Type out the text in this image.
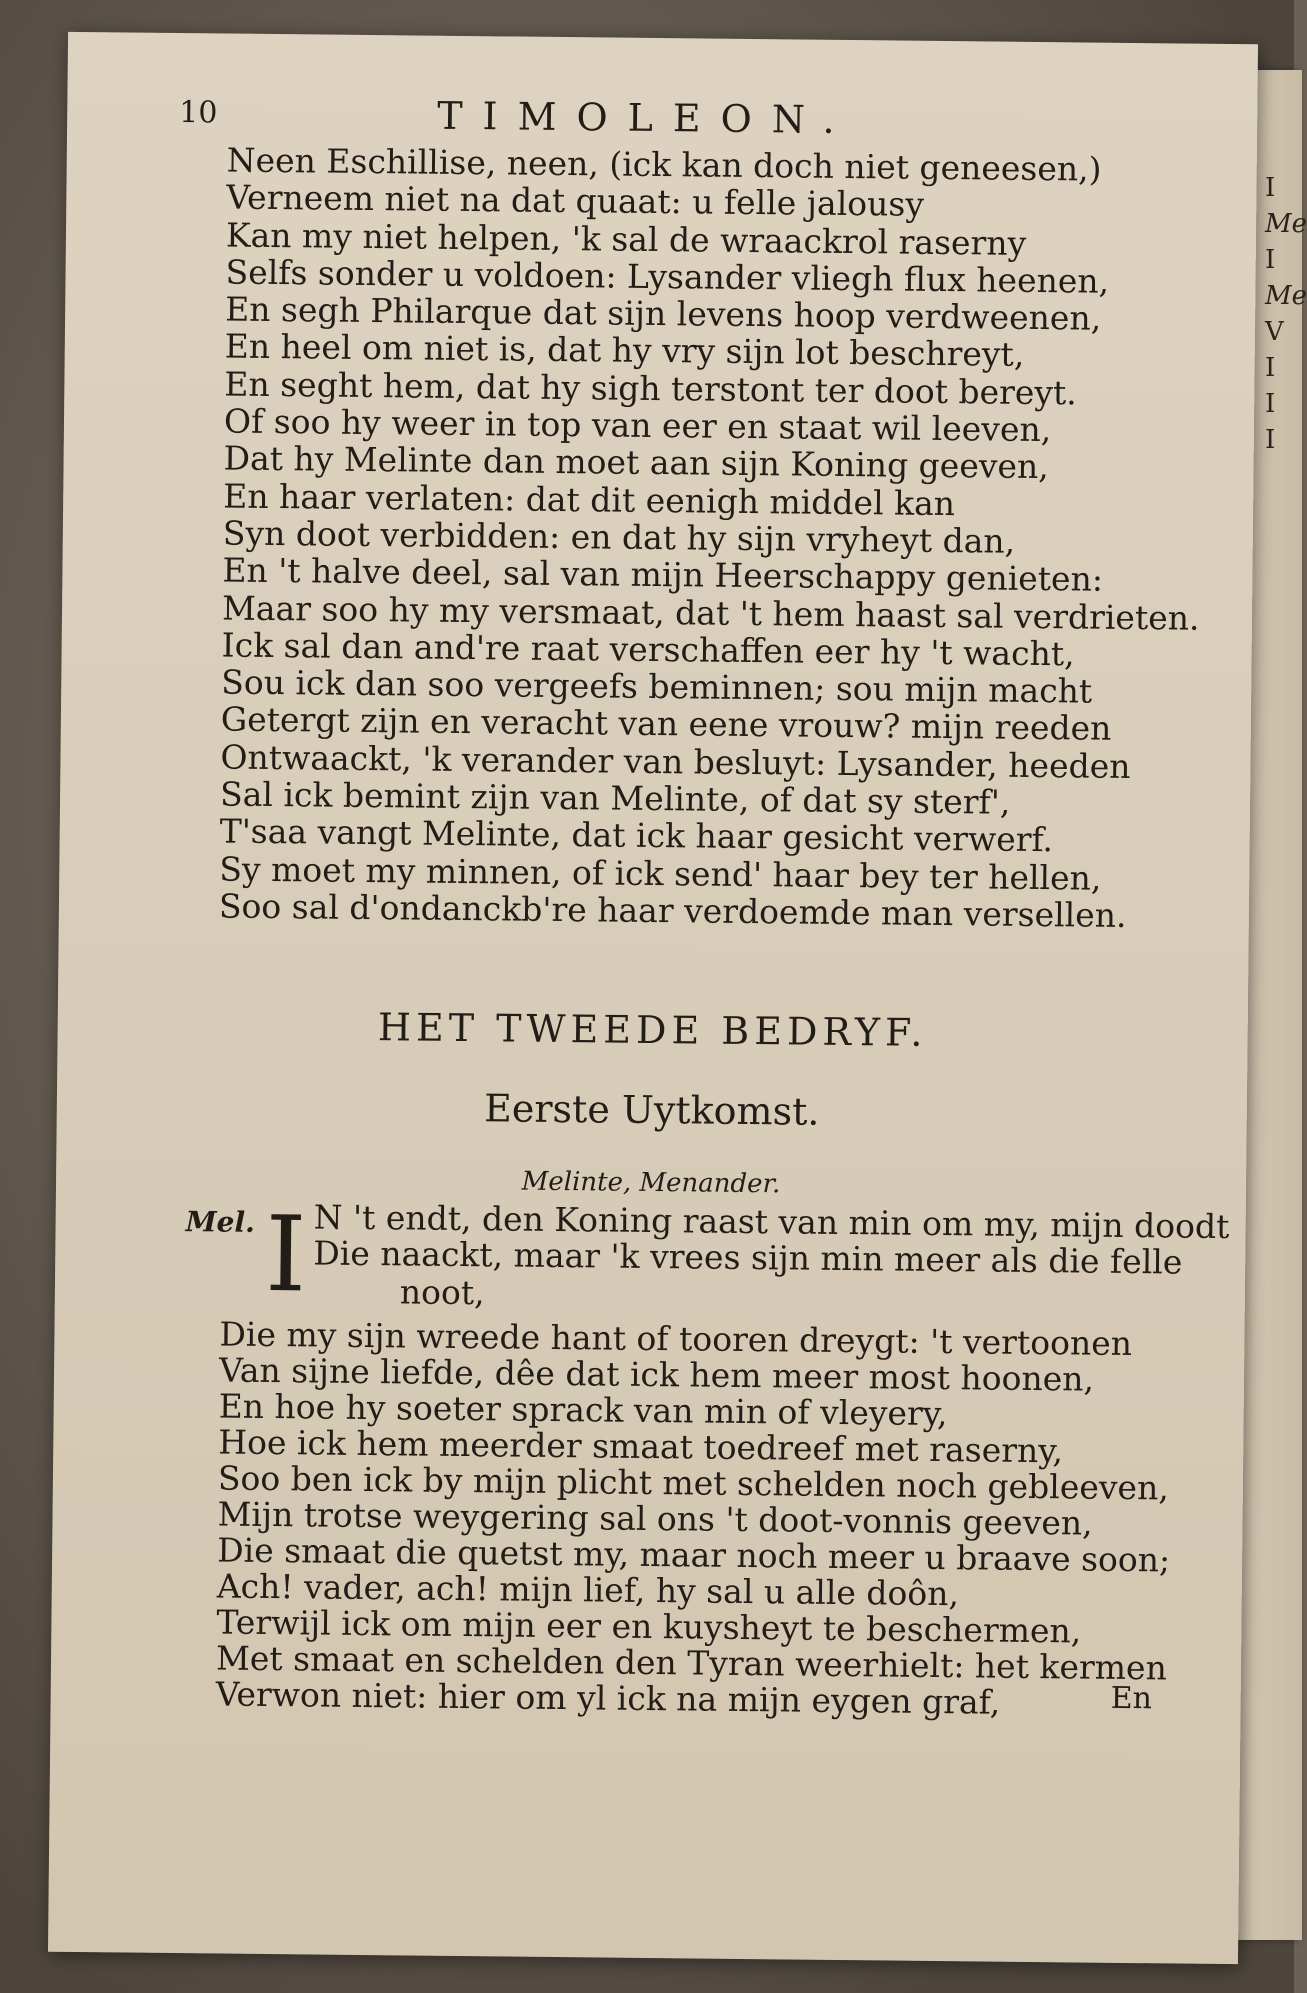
I
Me
I
Me
V
I
I
I
10	TIMOLEON.
Neen Eschillise, neen, (ick kan doch niet geneesen,)
Verneem niet na dat quaat: u felle jalousy
Kan my niet helpen, 'k sal de wraackrol raserny
Selfs sonder u voldoen: Lysander vliegh flux heenen,
En segh Philarque dat sijn levens hoop verdweenen,
En heel om niet is, dat hy vry sijn lot beschreyt,
En seght hem, dat hy sigh terstont ter doot bereyt.
Of soo hy weer in top van eer en staat wil leeven,
Dat hy Melinte dan moet aan sijn Koning geeven,
En haar verlaten: dat dit eenigh middel kan
Syn doot verbidden: en dat hy sijn vryheyt dan,
En 't halve deel, sal van mijn Heerschappy genieten:
Maar soo hy my versmaat, dat 't hem haast sal verdrieten.
Ick sal dan and're raat verschaffen eer hy 't wacht,
Sou ick dan soo vergeefs beminnen; sou mijn macht
Getergt zijn en veracht van eene vrouw? mijn reeden
Ontwaackt, 'k verander van besluyt: Lysander, heeden
Sal ick bemint zijn van Melinte, of dat sy sterf',
T'saa vangt Melinte, dat ick haar gesicht verwerf.
Sy moet my minnen, of ick send' haar bey ter hellen,
Soo sal d'ondanckb're haar verdoemde man versellen.
HET TWEEDE BEDRYF.
Eerste Uytkomst.
Melinte, Menander.
Mel. I N 't endt, den Koning raast van min om my, mijn doodt
Die naackt, maar 'k vrees sijn min meer als die felle
noot,
Die my sijn wreede hant of tooren dreygt: 't vertoonen
Van sijne liefde, dêe dat ick hem meer most hoonen,
En hoe hy soeter sprack van min of vleyery,
Hoe ick hem meerder smaat toedreef met raserny,
Soo ben ick by mijn plicht met schelden noch gebleeven,
Mijn trotse weygering sal ons 't doot-vonnis geeven,
Die smaat die quetst my, maar noch meer u braave soon;
Ach! vader, ach! mijn lief, hy sal u alle doôn,
Terwijl ick om mijn eer en kuysheyt te beschermen,
Met smaat en schelden den Tyran weerhielt: het kermen
Verwon niet: hier om yl ick na mijn eygen graf,	En
